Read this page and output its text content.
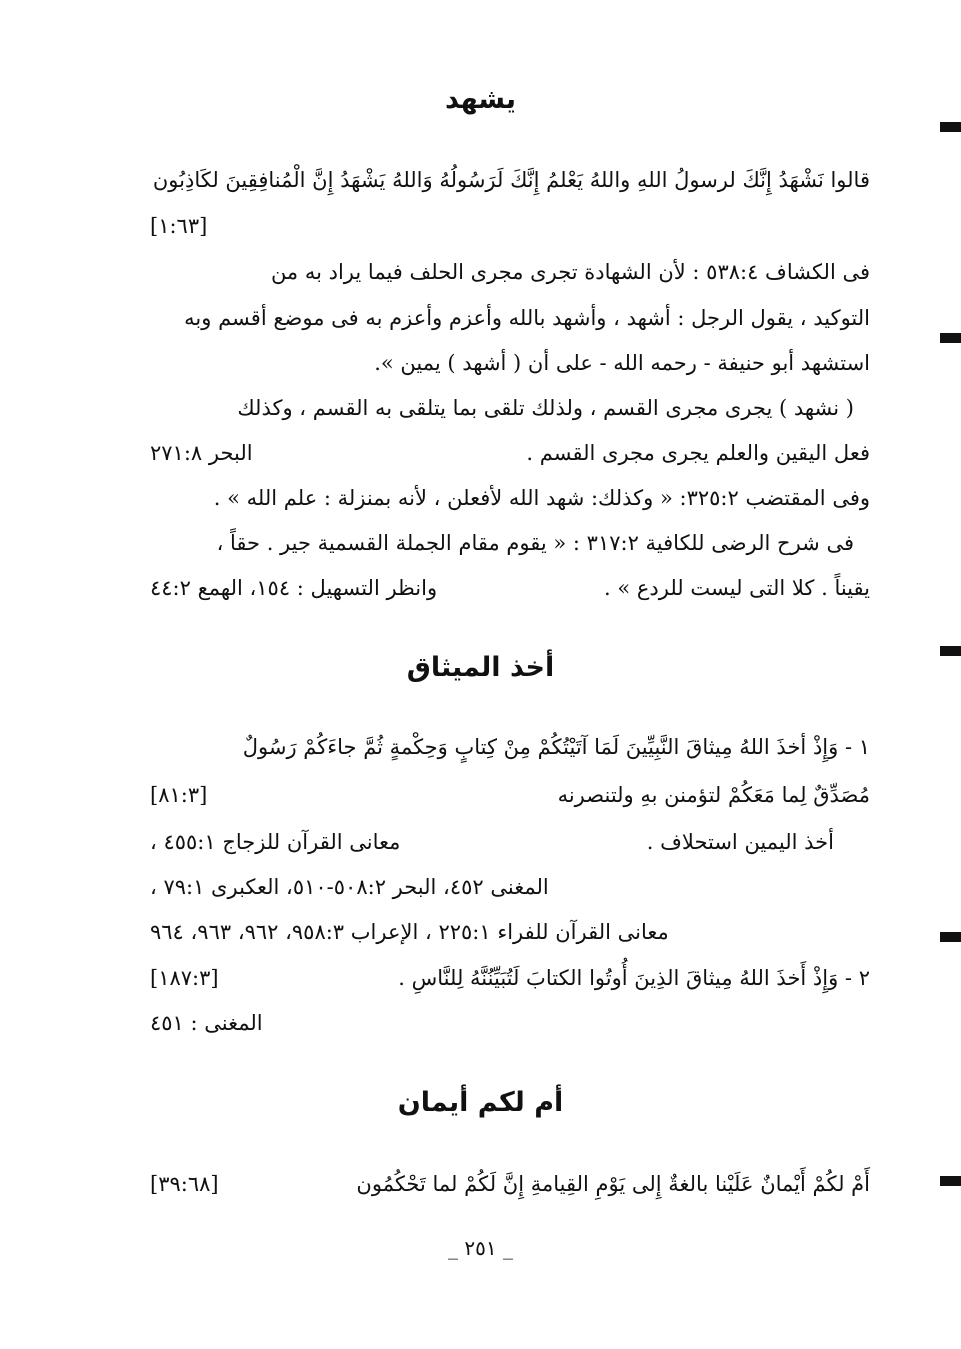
يشهد
قالوا نَشْهَدُ إِنَّكَ لرسولُ اللهِ واللهُ يَعْلمُ إِنَّكَ لَرَسُولُهُ وَاللهُ يَشْهَدُ إِنَّ الْمُنافِقِينَ لكَاذِبُون
[١:٦٣]
فى الكشاف ٥٣٨:٤ : لأن الشهادة تجرى مجرى الحلف فيما يراد به من
التوكيد ، يقول الرجل : أشهد ، وأشهد بالله وأعزم وأعزم به فى موضع أقسم وبه
استشهد أبو حنيفة - رحمه الله - على أن ( أشهد ) يمين ».
( نشهد ) يجرى مجرى القسم ، ولذلك تلقى بما يتلقى به القسم ، وكذلك
فعل اليقين والعلم يجرى مجرى القسم .
البحر ٢٧١:٨
وفى المقتضب ٣٢٥:٢: « وكذلك: شهد الله لأفعلن ، لأنه بمنزلة : علم الله » .
فى شرح الرضى للكافية ٣١٧:٢ : « يقوم مقام الجملة القسمية جير . حقاً ،
يقيناً . كلا التى ليست للردع » .
وانظر التسهيل : ١٥٤، الهمع ٤٤:٢
أخذ الميثاق
١ - وَإِذْ أخذَ اللهُ مِيثاقَ النَّبِيِّينَ لَمَا آتَيْتُكُمْ مِنْ كِتابٍ وَحِكْمةٍ ثُمَّ جاءَكُمْ رَسُولٌ
مُصَدِّقٌ لِما مَعَكُمْ لتؤمنن بهِ ولتنصرنه
[٨١:٣]
أخذ اليمين استحلاف .
معانى القرآن للزجاج ٤٥٥:١ ،
المغنى ٤٥٢، البحر ٥٠٨:٢-٥١٠، العكبرى ٧٩:١ ،
معانى القرآن للفراء ٢٢٥:١ ، الإعراب ٩٥٨:٣، ٩٦٢، ٩٦٣، ٩٦٤
٢ - وَإِذْ أَخذَ اللهُ مِيثاقَ الذِينَ أُوتُوا الكتابَ لَتُبَيِّنُنَّهُ لِلنَّاسِ .
[١٨٧:٣]
المغنى : ٤٥١
أم لكم أيمان
أَمْ لكُمْ أَيْمانٌ عَلَيْنا بالغةٌ إِلى يَوْمِ القِيامةِ إِنَّ لَكُمْ لما تَحْكُمُون
[٣٩:٦٨]
_ ٢٥١ _
